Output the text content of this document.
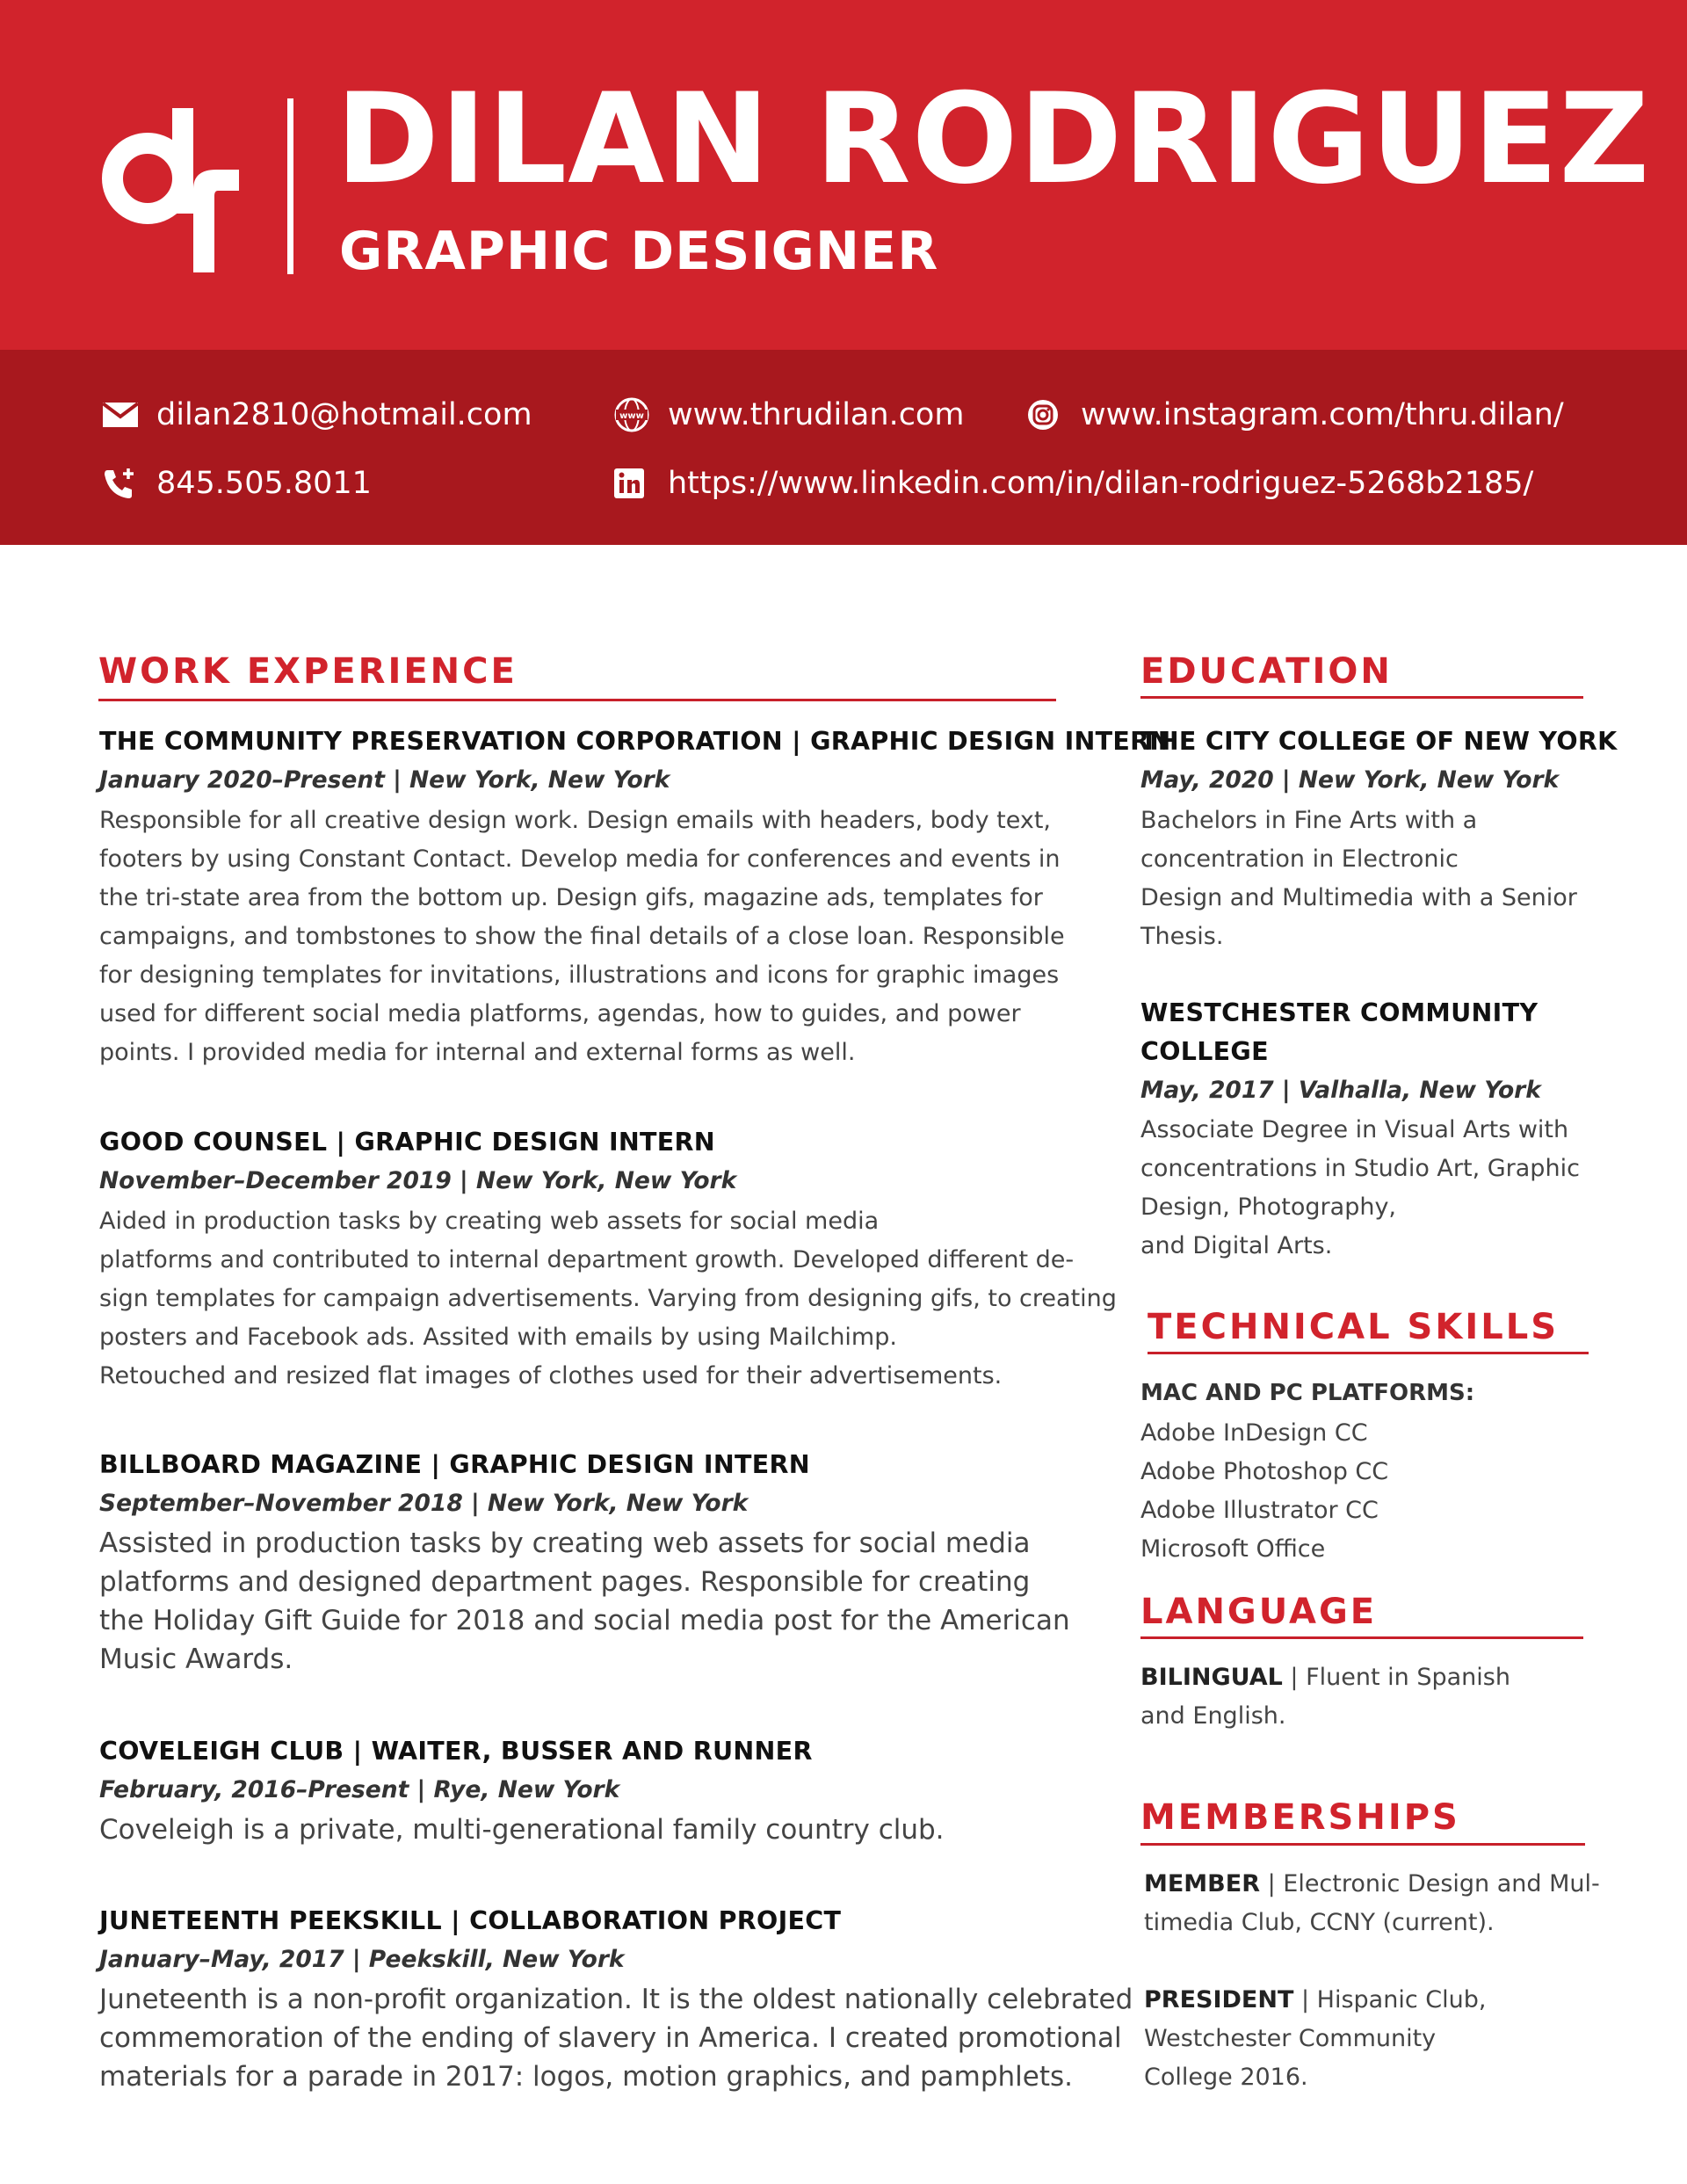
DILAN RODRIGUEZ
GRAPHIC DESIGNER
dilan2810@hotmail.com
845.505.8011
www www.thrudilan.com
https://www.linkedin.com/in/dilan-rodriguez-5268b2185/
www.instagram.com/thru.dilan/
WORK EXPERIENCE
THE COMMUNITY PRESERVATION CORPORATION | GRAPHIC DESIGN INTERN
January 2020–Present | New York, New York
Responsible for all creative design work. Design emails with headers, body text,
footers by using Constant Contact. Develop media for conferences and events in
the tri-state area from the bottom up. Design gifs, magazine ads, templates for
campaigns, and tombstones to show the final details of a close loan. Responsible
for designing templates for invitations, illustrations and icons for graphic images
used for different social media platforms, agendas, how to guides, and power
points. I provided media for internal and external forms as well.
GOOD COUNSEL | GRAPHIC DESIGN INTERN
November–December 2019 | New York, New York
Aided in production tasks by creating web assets for social media
platforms and contributed to internal department growth. Developed different de-
sign templates for campaign advertisements. Varying from designing gifs, to creating
posters and Facebook ads. Assited with emails by using Mailchimp.
Retouched and resized flat images of clothes used for their advertisements.
BILLBOARD MAGAZINE | GRAPHIC DESIGN INTERN
September–November 2018 | New York, New York
Assisted in production tasks by creating web assets for social media
platforms and designed department pages. Responsible for creating
the Holiday Gift Guide for 2018 and social media post for the American
Music Awards.
COVELEIGH CLUB | WAITER, BUSSER AND RUNNER
February, 2016–Present | Rye, New York
Coveleigh is a private, multi-generational family country club.
JUNETEENTH PEEKSKILL | COLLABORATION PROJECT
January–May, 2017 | Peekskill, New York
Juneteenth is a non-profit organization. It is the oldest nationally celebrated
commemoration of the ending of slavery in America. I created promotional
materials for a parade in 2017: logos, motion graphics, and pamphlets.
EDUCATION
THE CITY COLLEGE OF NEW YORK
May, 2020 | New York, New York
Bachelors in Fine Arts with a
concentration in Electronic
Design and Multimedia with a Senior
Thesis.
WESTCHESTER COMMUNITY
COLLEGE
May, 2017 | Valhalla, New York
Associate Degree in Visual Arts with
concentrations in Studio Art, Graphic
Design, Photography,
and Digital Arts.
TECHNICAL SKILLS
MAC AND PC PLATFORMS:
Adobe InDesign CC
Adobe Photoshop CC
Adobe Illustrator CC
Microsoft Office
LANGUAGE
BILINGUAL | Fluent in Spanish
and English.
MEMBERSHIPS
MEMBER | Electronic Design and Mul-
timedia Club, CCNY (current).
PRESIDENT | Hispanic Club,
Westchester Community
College 2016.
